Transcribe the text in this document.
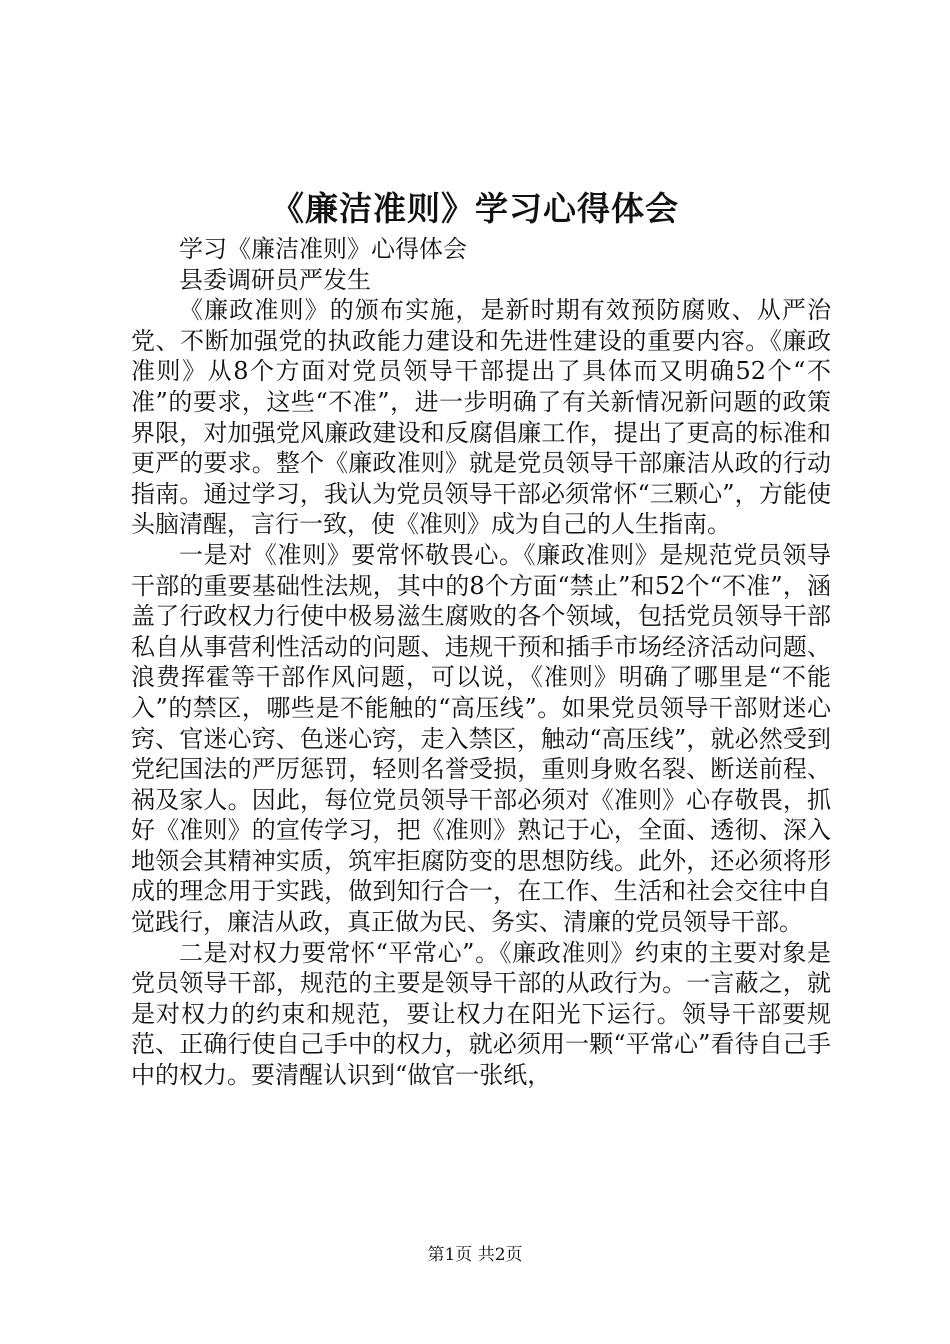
《廉洁准则》学习心得体会

学习《廉洁准则》心得体会

县委调研员严发生

《廉政准则》的颁布实施，是新时期有效预防腐败、从严治党、不断加强党的执政能力建设和先进性建设的重要内容。《廉政准则》从8个方面对党员领导干部提出了具体而又明确52个“不准”的要求，这些“不准”，进一步明确了有关新情况新问题的政策界限，对加强党风廉政建设和反腐倡廉工作，提出了更高的标准和更严的要求。整个《廉政准则》就是党员领导干部廉洁从政的行动指南。通过学习，我认为党员领导干部必须常怀“三颗心”，方能使头脑清醒，言行一致，使《准则》成为自己的人生指南。

一是对《准则》要常怀敬畏心。《廉政准则》是规范党员领导干部的重要基础性法规，其中的8个方面“禁止”和52个“不准”，涵盖了行政权力行使中极易滋生腐败的各个领域，包括党员领导干部私自从事营利性活动的问题、违规干预和插手市场经济活动问题、浪费挥霍等干部作风问题，可以说，《准则》明确了哪里是“不能入”的禁区，哪些是不能触的“高压线”。如果党员领导干部财迷心窍、官迷心窍、色迷心窍，走入禁区，触动“高压线”，就必然受到党纪国法的严厉惩罚，轻则名誉受损，重则身败名裂、断送前程、祸及家人。因此，每位党员领导干部必须对《准则》心存敬畏，抓好《准则》的宣传学习，把《准则》熟记于心，全面、透彻、深入地领会其精神实质，筑牢拒腐防变的思想防线。此外，还必须将形成的理念用于实践，做到知行合一，在工作、生活和社会交往中自觉践行，廉洁从政，真正做为民、务实、清廉的党员领导干部。

二是对权力要常怀“平常心”。《廉政准则》约束的主要对象是党员领导干部，规范的主要是领导干部的从政行为。一言蔽之，就是对权力的约束和规范，要让权力在阳光下运行。领导干部要规范、正确行使自己手中的权力，就必须用一颗“平常心”看待自己手中的权力。要清醒认识到“做官一张纸，

第1页 共2页
